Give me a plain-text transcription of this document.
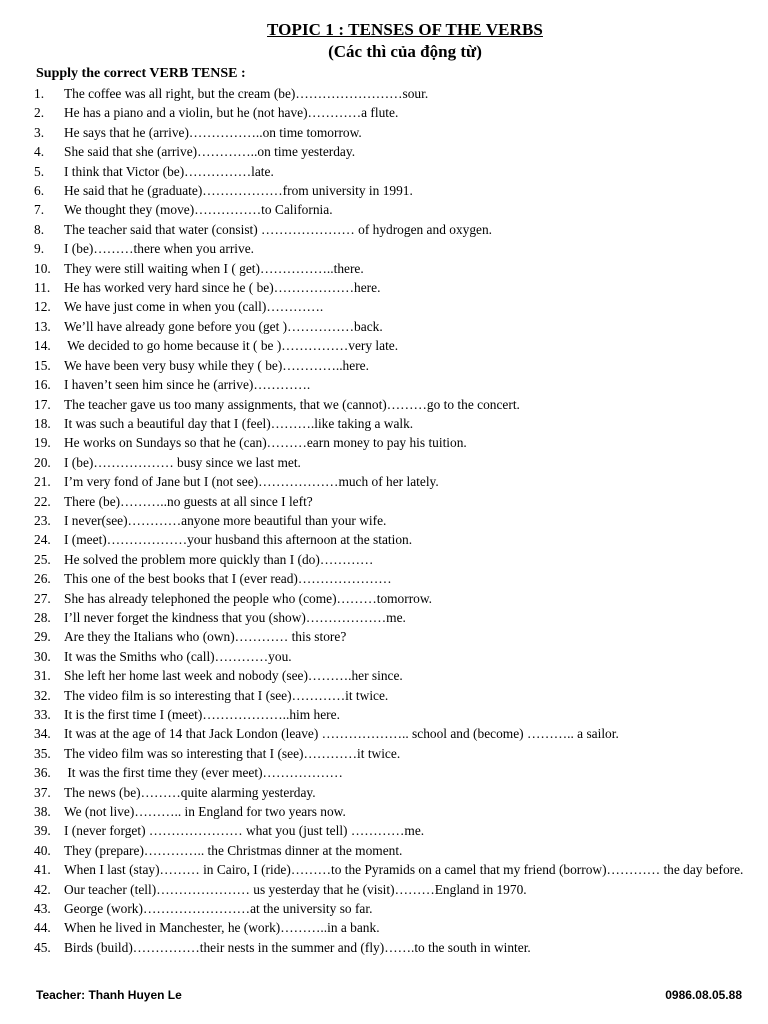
TOPIC 1 : TENSES OF THE VERBS
(Các thì của động từ)
Supply the correct VERB TENSE :
1.	The coffee was all right, but the cream (be)……………………sour.
2.	He has a piano and a violin, but he (not have)…………a flute.
3.	He says that he (arrive)……………..on time tomorrow.
4.	She said that she (arrive)…………..on time yesterday.
5.	I think that Victor (be)……………late.
6.	He said that he (graduate)………………from university in 1991.
7.	We thought they (move)……………to California.
8.	The teacher said that water (consist) ………………… of hydrogen and oxygen.
9.	I (be)………there when you arrive.
10. They were still waiting when I ( get)……………..there.
11.	He has worked very hard since he ( be)………………here.
12. We have just come in when you (call)………….
13. We’ll have already gone before you (get )……………back.
14. We decided to go home because it ( be )……………very late.
15. We have been very busy while they ( be)…………..here.
16. I haven’t seen him since he (arrive)………….
17. The teacher gave us too many assignments, that we (cannot)………go to the concert.
18. It was such a beautiful day that I (feel)……….like taking a walk.
19. He works on Sundays so that he (can)………earn money to pay his tuition.
20. I (be)……………… busy since we last met.
21. I’m very fond of Jane but I (not see)………………much of her lately.
22. There (be)………..no guests at all since I left?
23. I never(see)…………anyone more beautiful than your wife.
24. I (meet)………………your husband this afternoon at the station.
25. He solved the problem more quickly than I (do)…………
26. This one of the best books that I (ever read)…………………
27. She has already telephoned the people who (come)………tomorrow.
28. I’ll never forget the kindness that you (show)………………me.
29. Are they the Italians who (own)………… this store?
30. It was the Smiths who (call)…………you.
31. She left her home last week and nobody (see)……….her since.
32. The video film is so interesting that I (see)…………it twice.
33. It is the first time I (meet)………………..him here.
34. It was at the age of 14 that Jack London (leave) ……………….. school and (become) ……….. a sailor.
35. The video film was so interesting that I (see)…………it twice.
36. It was the first time they (ever meet)………………
37. The news (be)………quite alarming yesterday.
38. We (not live)……….. in England for two years now.
39. I (never forget) ………………… what you (just tell) …………me.
40. They (prepare)………….. the Christmas dinner at the moment.
41. When I last (stay)……… in Cairo, I (ride)………to the Pyramids on a camel that my friend (borrow)………… the day before.
42. Our teacher (tell)………………… us yesterday that he (visit)………England in 1970.
43. George (work)……………………at the university so far.
44. When he lived in Manchester, he (work)………..in a bank.
45. Birds (build)……………their nests in the summer and (fly)…….to the south in winter.
Teacher: Thanh Huyen Le	0986.08.05.88
